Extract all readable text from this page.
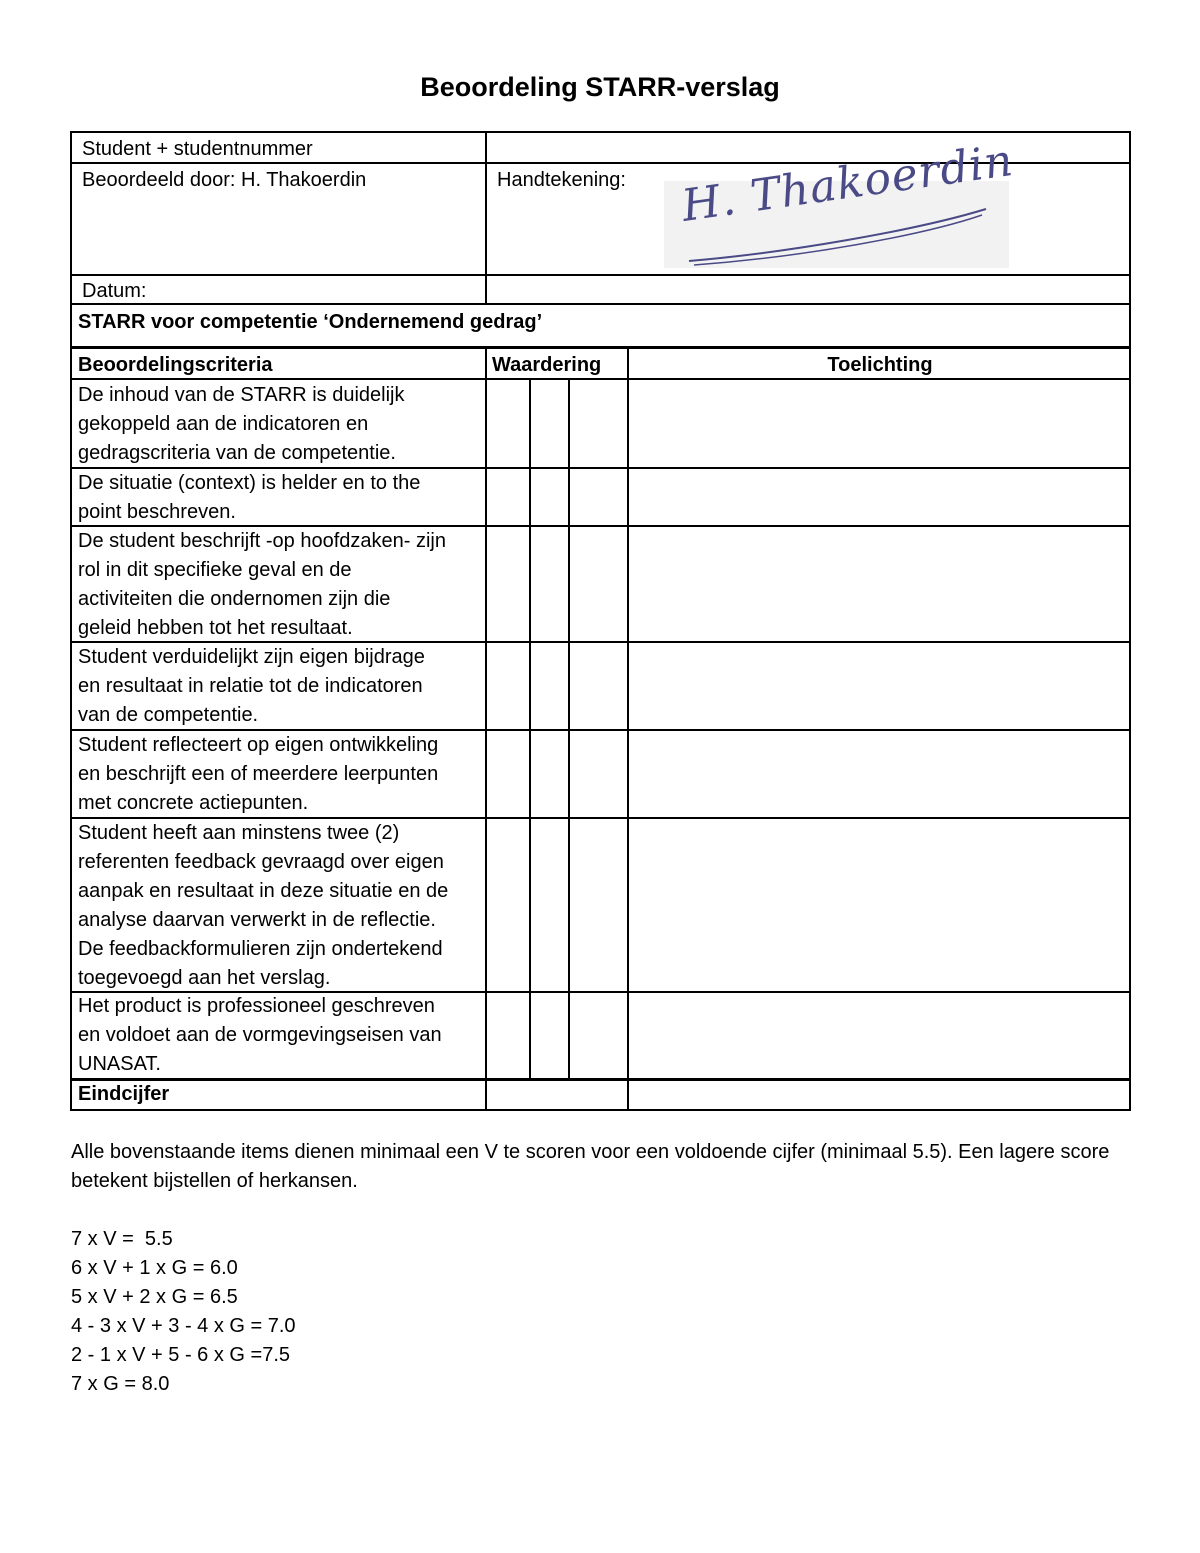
Beoordeling STARR-verslag
Student + studentnummer
Beoordeeld door: H. Thakoerdin	Handtekening: H. Thakoerdin
Datum:
STARR voor competentie ‘Ondernemend gedrag’
Beoordelingscriteria	Waardering	Toelichting

De inhoud van de STARR is duidelijk
gekoppeld aan de indicatoren en
gedragscriteria van de competentie.

De situatie (context) is helder en to the
point beschreven.

De student beschrijft -op hoofdzaken- zijn
rol in dit specifieke geval en de
activiteiten die ondernomen zijn die
geleid hebben tot het resultaat.

Student verduidelijkt zijn eigen bijdrage
en resultaat in relatie tot de indicatoren
van de competentie.

Student reflecteert op eigen ontwikkeling
en beschrijft een of meerdere leerpunten
met concrete actiepunten.

Student heeft aan minstens twee (2)
referenten feedback gevraagd over eigen
aanpak en resultaat in deze situatie en de
analyse daarvan verwerkt in de reflectie.
De feedbackformulieren zijn ondertekend
toegevoegd aan het verslag.

Het product is professioneel geschreven
en voldoet aan de vormgevingseisen van
UNASAT.

Eindcijfer

Alle bovenstaande items dienen minimaal een V te scoren voor een voldoende cijfer (minimaal 5.5). Een lagere score betekent bijstellen of herkansen.

7 x V =  5.5
6 x V + 1 x G = 6.0
5 x V + 2 x G = 6.5
4 - 3 x V + 3 - 4 x G = 7.0
2 - 1 x V + 5 - 6 x G =7.5
7 x G = 8.0
